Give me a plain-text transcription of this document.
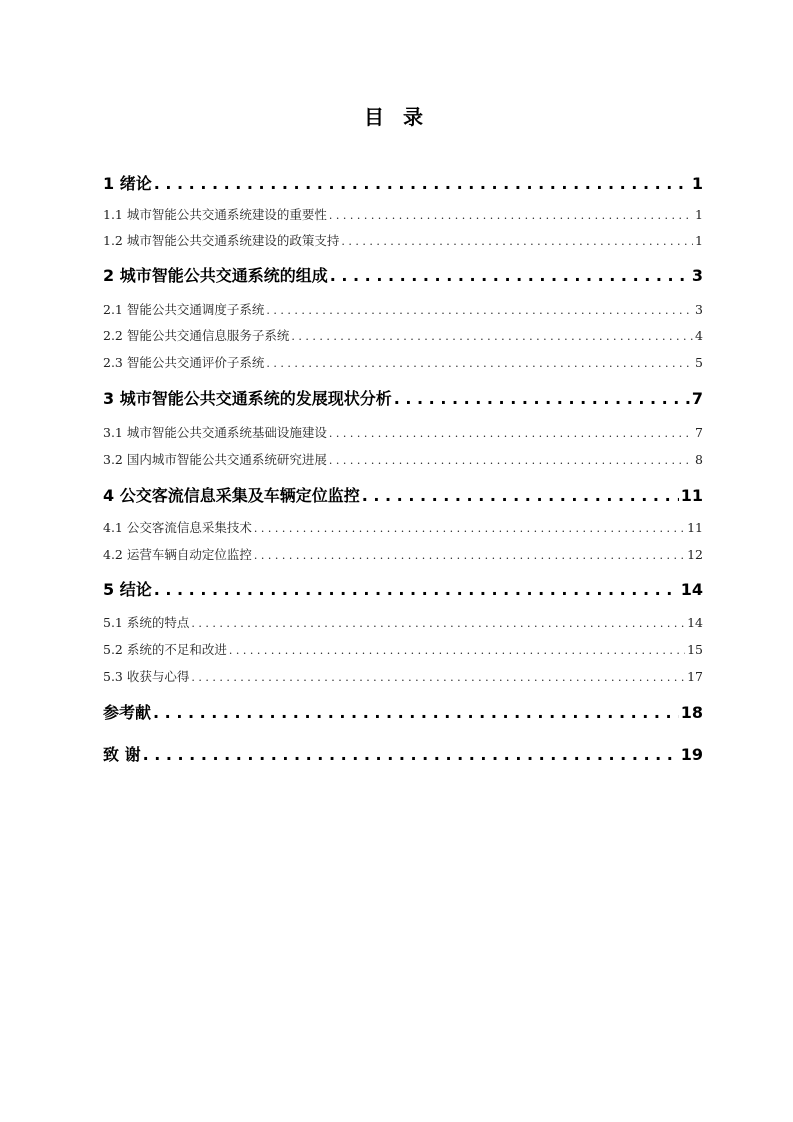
目 录
1 绪论 . . .	1
1.1 城市智能公共交通系统建设的重要性 . . .	1
1.2 城市智能公共交通系统建设的政策支持 . . .	1
2 城市智能公共交通系统的组成 . . .	3
2.1 智能公共交通调度子系统 . . .	3
2.2 智能公共交通信息服务子系统 . . .	4
2.3 智能公共交通评价子系统 . . .	5
3 城市智能公共交通系统的发展现状分析 . . .	7
3.1 城市智能公共交通系统基础设施建设 . . .	7
3.2 国内城市智能公共交通系统研究进展 . . .	8
4 公交客流信息采集及车辆定位监控 . . .	11
4.1 公交客流信息采集技术 . . .	11
4.2 运营车辆自动定位监控 . . .	12
5 结论 . . .	14
5.1 系统的特点 . . .	14
5.2 系统的不足和改进 . . .	15
5.3 收获与心得 . . .	17
参考献 . . .	18
致 谢 . . .	19
